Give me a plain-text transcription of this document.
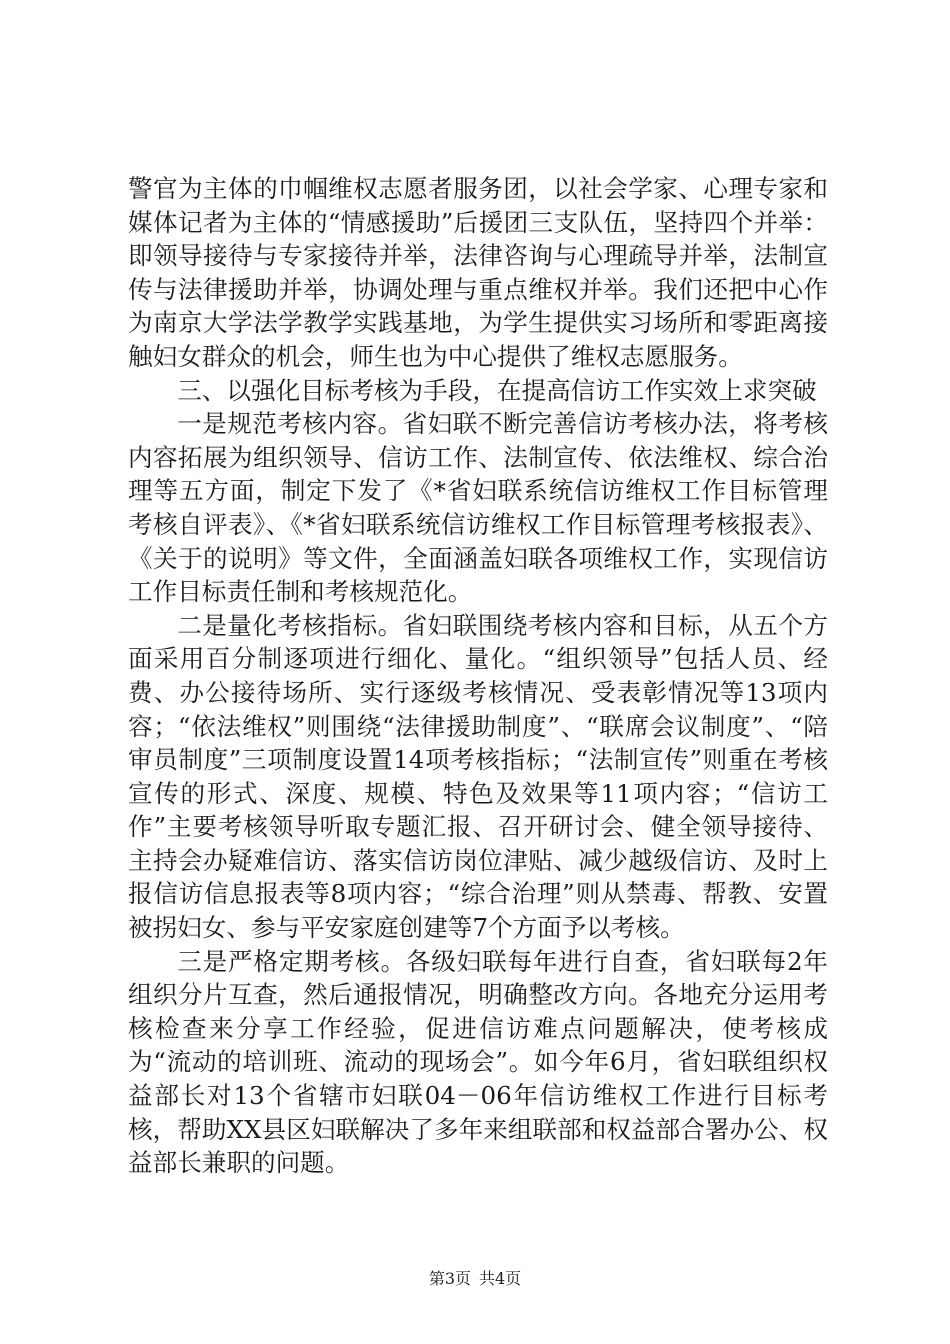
警官为主体的巾帼维权志愿者服务团，以社会学家、心理专家和媒体记者为主体的“情感援助”后援团三支队伍，坚持四个并举：即领导接待与专家接待并举，法律咨询与心理疏导并举，法制宣传与法律援助并举，协调处理与重点维权并举。我们还把中心作为南京大学法学教学实践基地，为学生提供实习场所和零距离接触妇女群众的机会，师生也为中心提供了维权志愿服务。

三、以强化目标考核为手段，在提高信访工作实效上求突破

一是规范考核内容。省妇联不断完善信访考核办法，将考核内容拓展为组织领导、信访工作、法制宣传、依法维权、综合治理等五方面，制定下发了《*省妇联系统信访维权工作目标管理考核自评表》、《*省妇联系统信访维权工作目标管理考核报表》、《关于的说明》等文件，全面涵盖妇联各项维权工作，实现信访工作目标责任制和考核规范化。

二是量化考核指标。省妇联围绕考核内容和目标，从五个方面采用百分制逐项进行细化、量化。“组织领导”包括人员、经费、办公接待场所、实行逐级考核情况、受表彰情况等13项内容；“依法维权”则围绕“法律援助制度”、“联席会议制度”、“陪审员制度”三项制度设置14项考核指标；“法制宣传”则重在考核宣传的形式、深度、规模、特色及效果等11项内容；“信访工作”主要考核领导听取专题汇报、召开研讨会、健全领导接待、主持会办疑难信访、落实信访岗位津贴、减少越级信访、及时上报信访信息报表等8项内容；“综合治理”则从禁毒、帮教、安置被拐妇女、参与平安家庭创建等7个方面予以考核。

三是严格定期考核。各级妇联每年进行自查，省妇联每2年组织分片互查，然后通报情况，明确整改方向。各地充分运用考核检查来分享工作经验，促进信访难点问题解决，使考核成为“流动的培训班、流动的现场会”。如今年6月，省妇联组织权益部长对13个省辖市妇联04－06年信访维权工作进行目标考核，帮助XX县区妇联解决了多年来组联部和权益部合署办公、权益部长兼职的问题。

第3页 共4页
